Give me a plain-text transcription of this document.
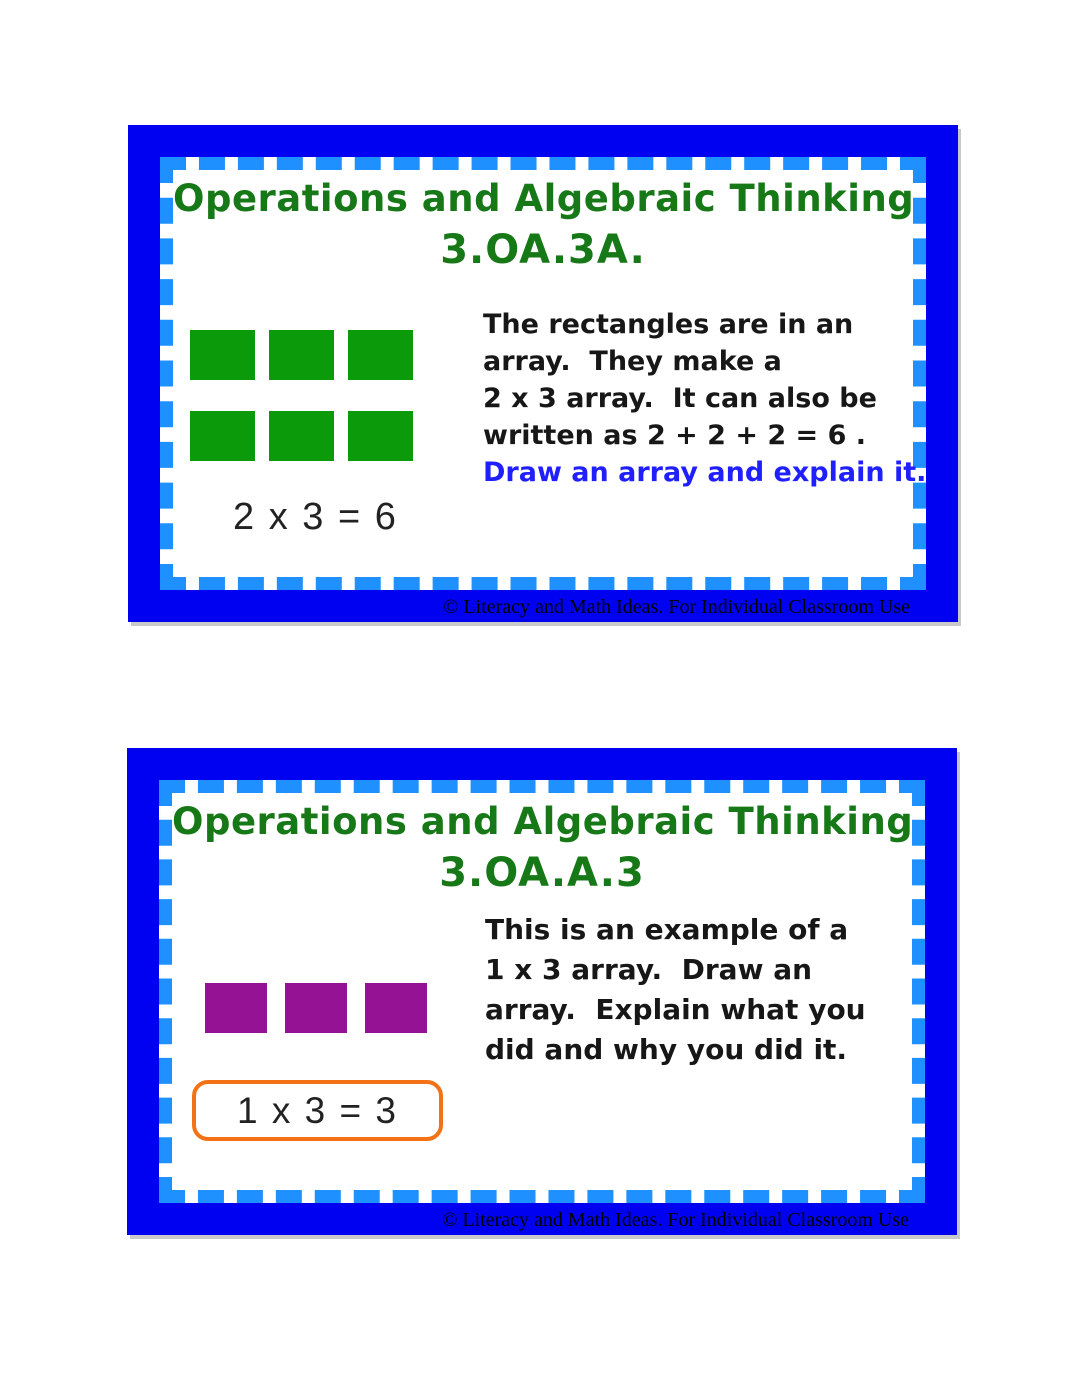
Operations and Algebraic Thinking
3.OA.3A.
2 x 3 = 6
The rectangles are in an
array.  They make a
2 x 3 array.  It can also be
written as 2 + 2 + 2 = 6 .
Draw an array and explain it.
© Literacy and Math Ideas. For Individual Classroom Use
Operations and Algebraic Thinking
3.OA.A.3
1 x 3 = 3
This is an example of a
1 x 3 array.  Draw an
array.  Explain what you
did and why you did it.
© Literacy and Math Ideas. For Individual Classroom Use
